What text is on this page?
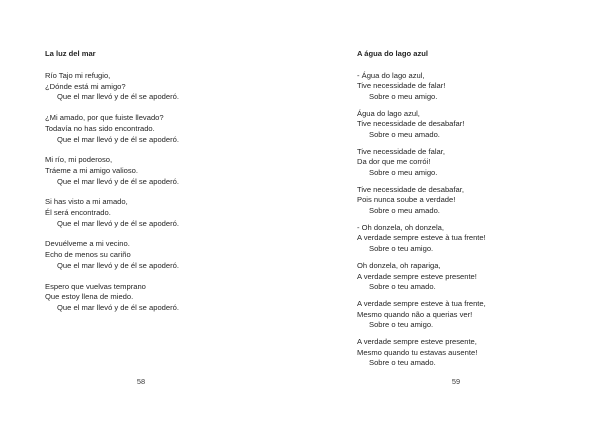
La luz del mar

Río Tajo mi refugio,
¿Dónde está mi amigo?
Que el mar llevó y de él se apoderó.

¿Mi amado, por que fuiste llevado?
Todavía no has sido encontrado.
Que el mar llevó y de él se apoderó.

Mi río, mi poderoso,
Tráeme a mi amigo valioso.
Que el mar llevó y de él se apoderó.

Si has visto a mi amado,
Él será encontrado.
Que el mar llevó y de él se apoderó.

Devuélveme a mi vecino.
Echo de menos su cariño
Que el mar llevó y de él se apoderó.

Espero que vuelvas temprano
Que estoy llena de miedo.
Que el mar llevó y de él se apoderó.

A água do lago azul

- Água do lago azul,
Tive necessidade de falar!
Sobre o meu amigo.

Água do lago azul,
Tive necessidade de desabafar!
Sobre o meu amado.

Tive necessidade de falar,
Da dor que me corrói!
Sobre o meu amigo.

Tive necessidade de desabafar,
Pois nunca soube a verdade!
Sobre o meu amado.

- Oh donzela, oh donzela,
A verdade sempre esteve à tua frente!
Sobre o teu amigo.

Oh donzela, oh rapariga,
A verdade sempre esteve presente!
Sobre o teu amado.

A verdade sempre esteve à tua frente,
Mesmo quando não a querias ver!
Sobre o teu amigo.

A verdade sempre esteve presente,
Mesmo quando tu estavas ausente!
Sobre o teu amado.

58	59
